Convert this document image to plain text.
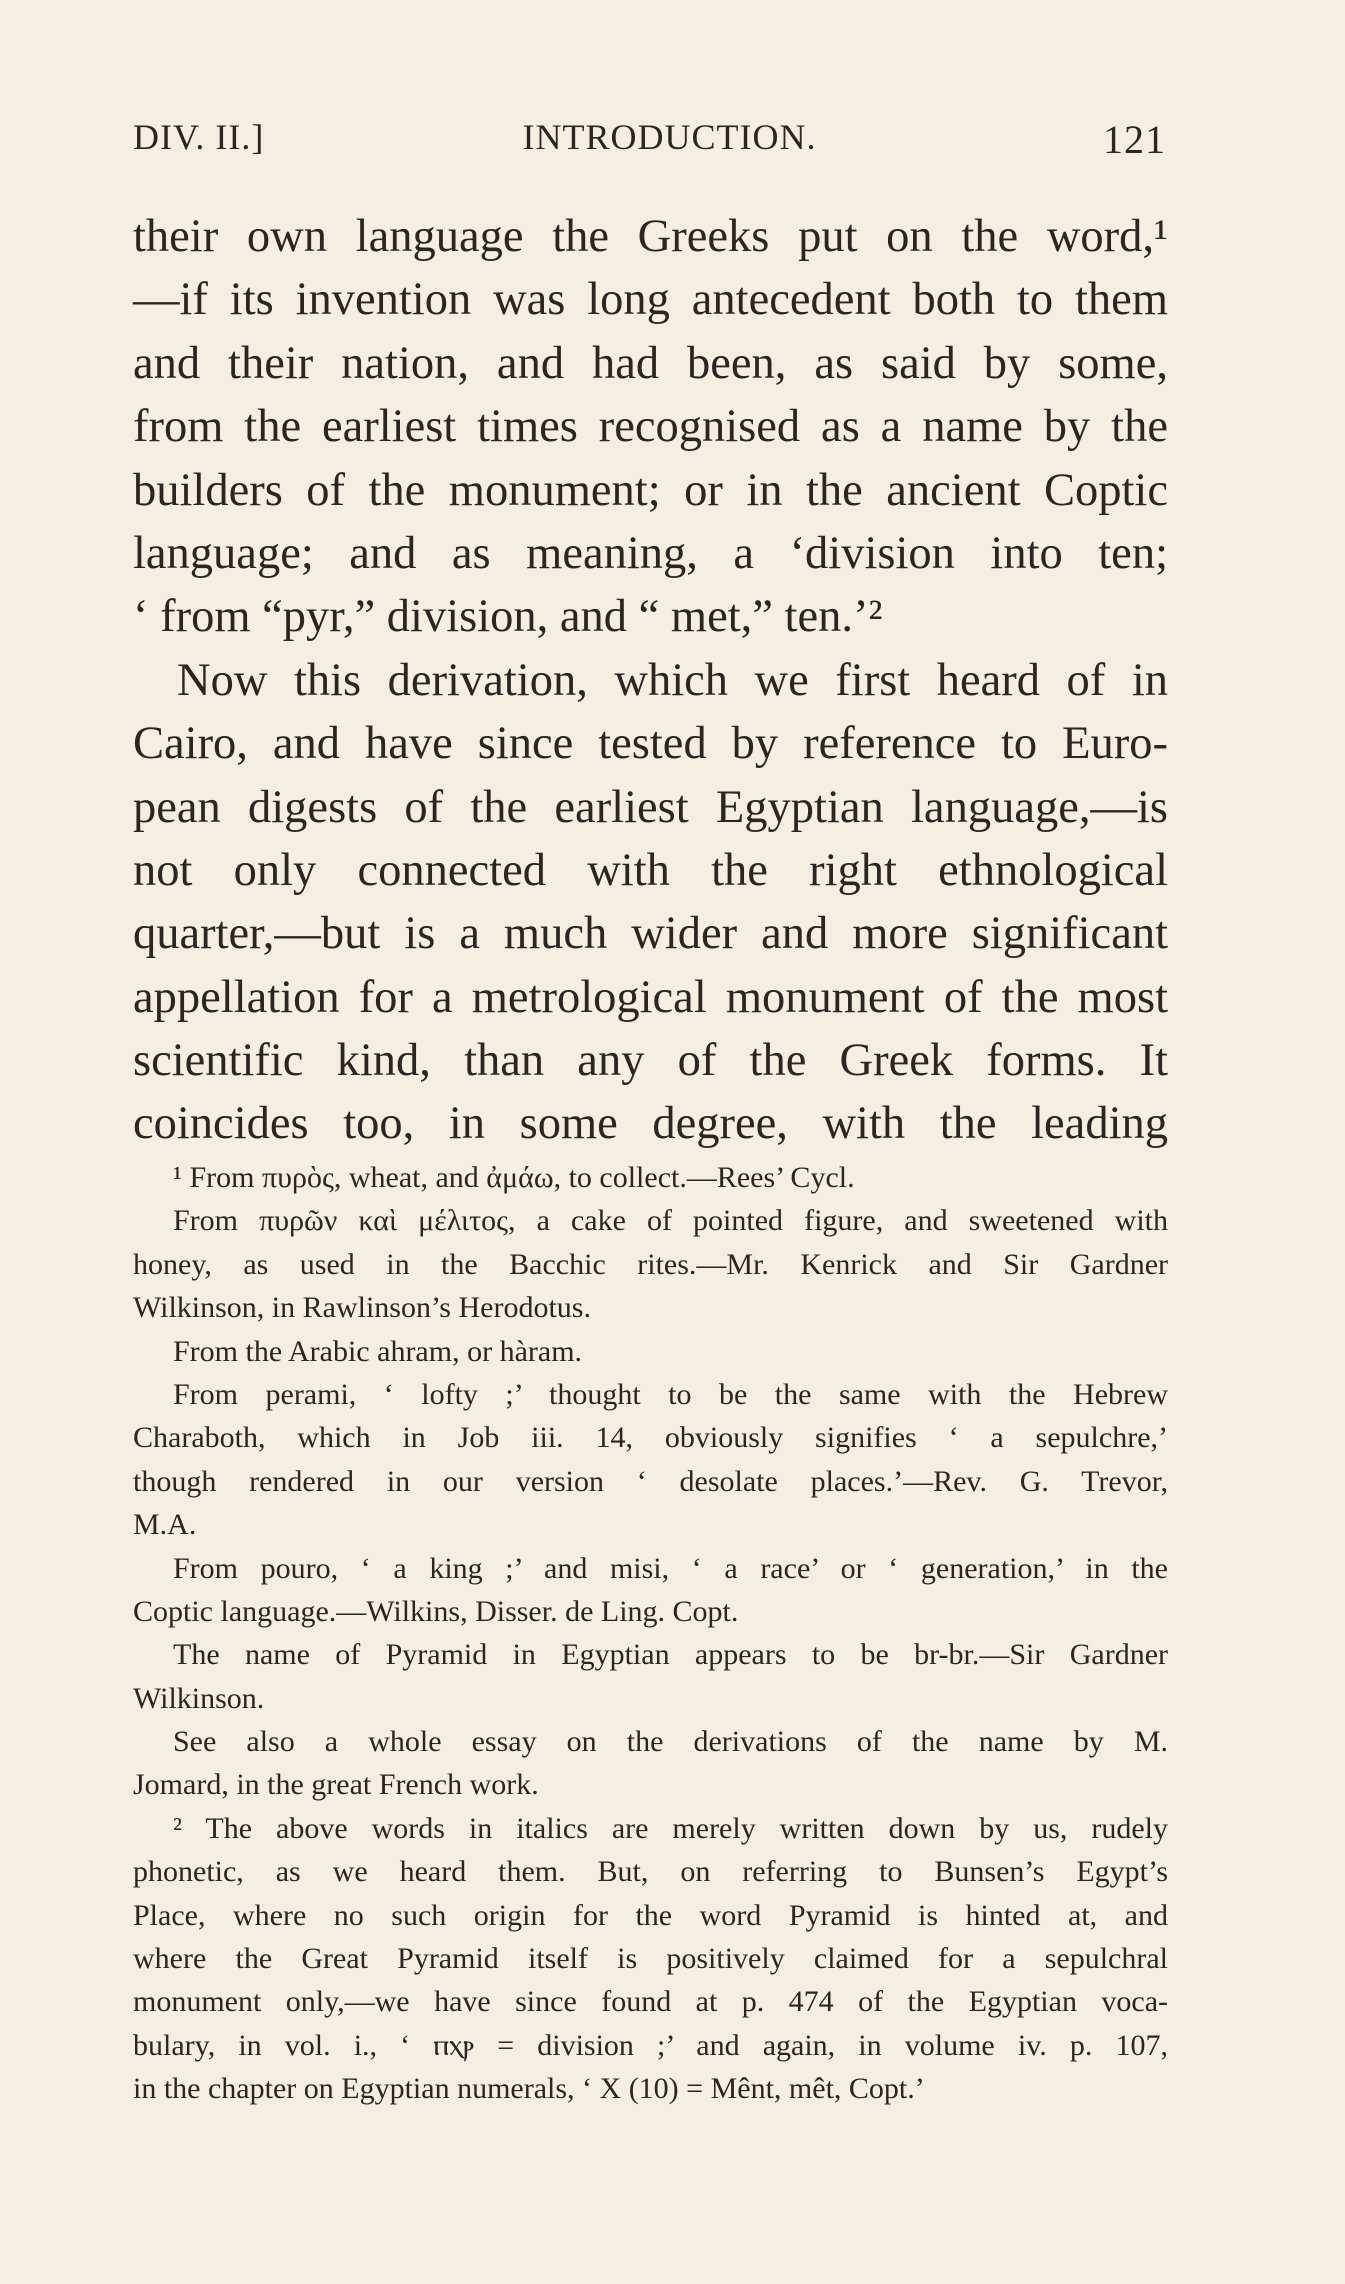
DIV. II.]	INTRODUCTION.	121
their own language the Greeks put on the word,¹
—if its invention was long antecedent both to them
and their nation, and had been, as said by some,
from the earliest times recognised as a name by the
builders of the monument; or in the ancient Coptic
language; and as meaning, a ‘division into ten;
‘ from “pyr,” division, and “ met,” ten.’²
Now this derivation, which we first heard of in
Cairo, and have since tested by reference to Euro-
pean digests of the earliest Egyptian language,—is
not only connected with the right ethnological
quarter,—but is a much wider and more significant
appellation for a metrological monument of the most
scientific kind, than any of the Greek forms. It
coincides too, in some degree, with the leading
¹ From πυρὸς, wheat, and ἀμάω, to collect.—Rees’ Cycl.
From πυρῶν καὶ μέλιτος, a cake of pointed figure, and sweetened with
honey, as used in the Bacchic rites.—Mr. Kenrick and Sir Gardner
Wilkinson, in Rawlinson’s Herodotus.
From the Arabic ahram, or hàram.
From perami, ‘ lofty ;’ thought to be the same with the Hebrew
Charaboth, which in Job iii. 14, obviously signifies ‘ a sepulchre,’
though rendered in our version ‘ desolate places.’—Rev. G. Trevor,
M.A.
From pouro, ‘ a king ;’ and misi, ‘ a race’ or ‘ generation,’ in the
Coptic language.—Wilkins, Disser. de Ling. Copt.
The name of Pyramid in Egyptian appears to be br-br.—Sir Gardner
Wilkinson.
See also a whole essay on the derivations of the name by M.
Jomard, in the great French work.
² The above words in italics are merely written down by us, rudely
phonetic, as we heard them. But, on referring to Bunsen’s Egypt’s
Place, where no such origin for the word Pyramid is hinted at, and
where the Great Pyramid itself is positively claimed for a sepulchral
monument only,—we have since found at p. 474 of the Egyptian voca-
bulary, in vol. i., ‘ ⲡⲭⲣ = division ;’ and again, in volume iv. p. 107,
in the chapter on Egyptian numerals, ‘ X (10) = Mênt, mêt, Copt.’
